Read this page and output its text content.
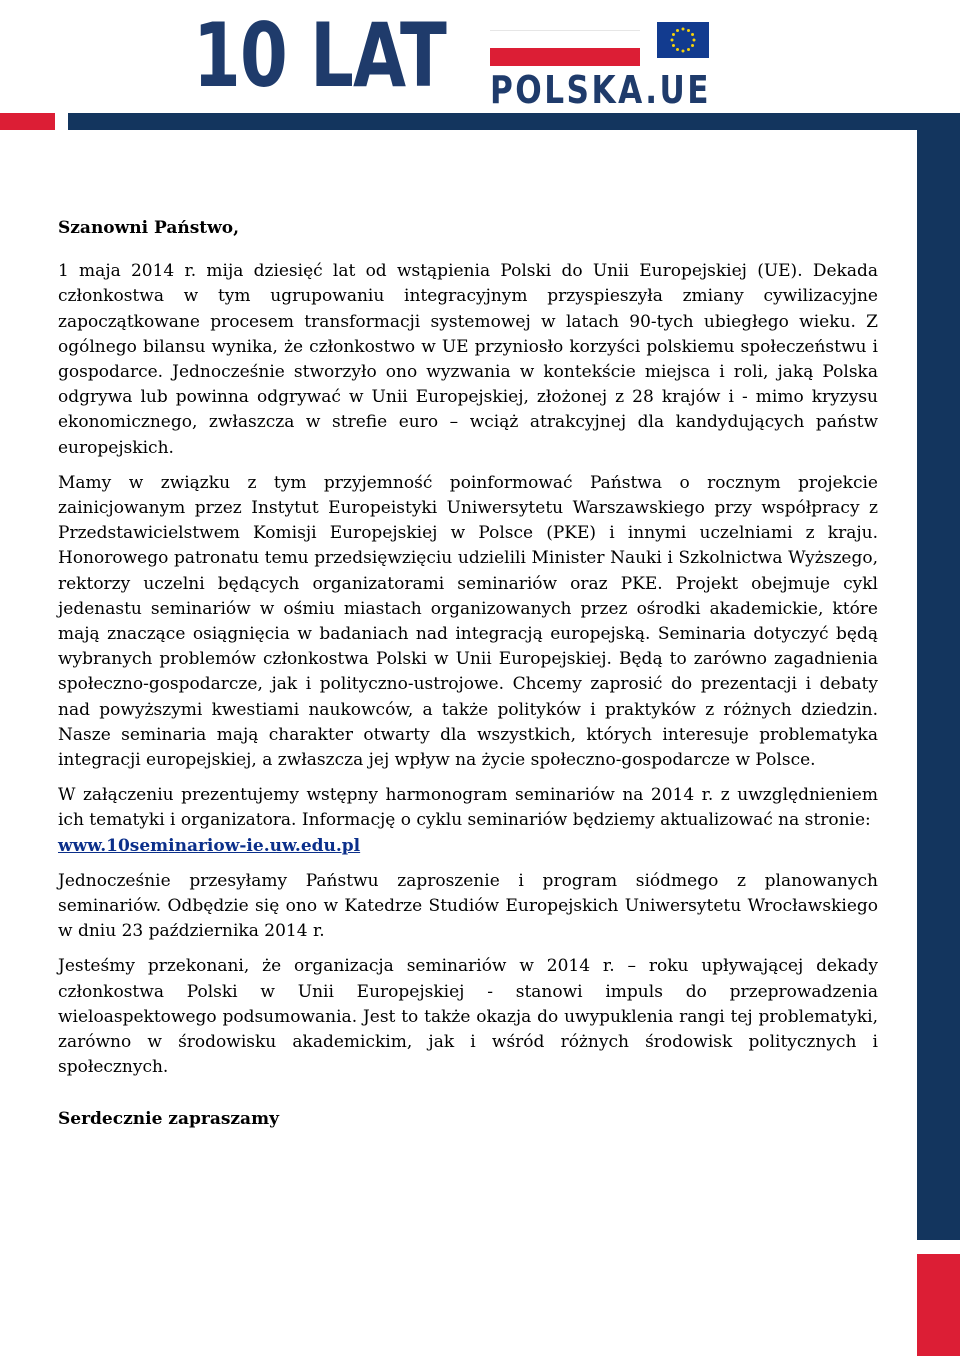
10 LAT POLSKA.UE

Szanowni Państwo,

1 maja 2014 r. mija dziesięć lat od wstąpienia Polski do Unii Europejskiej (UE). Dekada członkostwa w tym ugrupowaniu integracyjnym przyspieszyła zmiany cywilizacyjne zapoczątkowane procesem transformacji systemowej w latach 90-tych ubiegłego wieku. Z ogólnego bilansu wynika, że członkostwo w UE przyniosło korzyści polskiemu społeczeństwu i gospodarce. Jednocześnie stworzyło ono wyzwania w kontekście miejsca i roli, jaką Polska odgrywa lub powinna odgrywać w Unii Europejskiej, złożonej z 28 krajów i - mimo kryzysu ekonomicznego, zwłaszcza w strefie euro – wciąż atrakcyjnej dla kandydujących państw europejskich.

Mamy w związku z tym przyjemność poinformować Państwa o rocznym projekcie zainicjowanym przez Instytut Europeistyki Uniwersytetu Warszawskiego przy współpracy z Przedstawicielstwem Komisji Europejskiej w Polsce (PKE) i innymi uczelniami z kraju. Honorowego patronatu temu przedsięwzięciu udzielili Minister Nauki i Szkolnictwa Wyższego, rektorzy uczelni będących organizatorami seminariów oraz PKE. Projekt obejmuje cykl jedenastu seminariów w ośmiu miastach organizowanych przez ośrodki akademickie, które mają znaczące osiągnięcia w badaniach nad integracją europejską. Seminaria dotyczyć będą wybranych problemów członkostwa Polski w Unii Europejskiej. Będą to zarówno zagadnienia społeczno-gospodarcze, jak i polityczno-ustrojowe. Chcemy zaprosić do prezentacji i debaty nad powyższymi kwestiami naukowców, a także polityków i praktyków z różnych dziedzin. Nasze seminaria mają charakter otwarty dla wszystkich, których interesuje problematyka integracji europejskiej, a zwłaszcza jej wpływ na życie społeczno-gospodarcze w Polsce.

W załączeniu prezentujemy wstępny harmonogram seminariów na 2014 r. z uwzględnieniem ich tematyki i organizatora. Informację o cyklu seminariów będziemy aktualizować na stronie:
www.10seminariow-ie.uw.edu.pl

Jednocześnie przesyłamy Państwu zaproszenie i program siódmego z planowanych seminariów. Odbędzie się ono w Katedrze Studiów Europejskich Uniwersytetu Wrocławskiego w dniu 23 października 2014 r.

Jesteśmy przekonani, że organizacja seminariów w 2014 r. – roku upływającej dekady członkostwa Polski w Unii Europejskiej - stanowi impuls do przeprowadzenia wieloaspektowego podsumowania. Jest to także okazja do uwypuklenia rangi tej problematyki, zarówno w środowisku akademickim, jak i wśród różnych środowisk politycznych i społecznych.

Serdecznie zapraszamy
